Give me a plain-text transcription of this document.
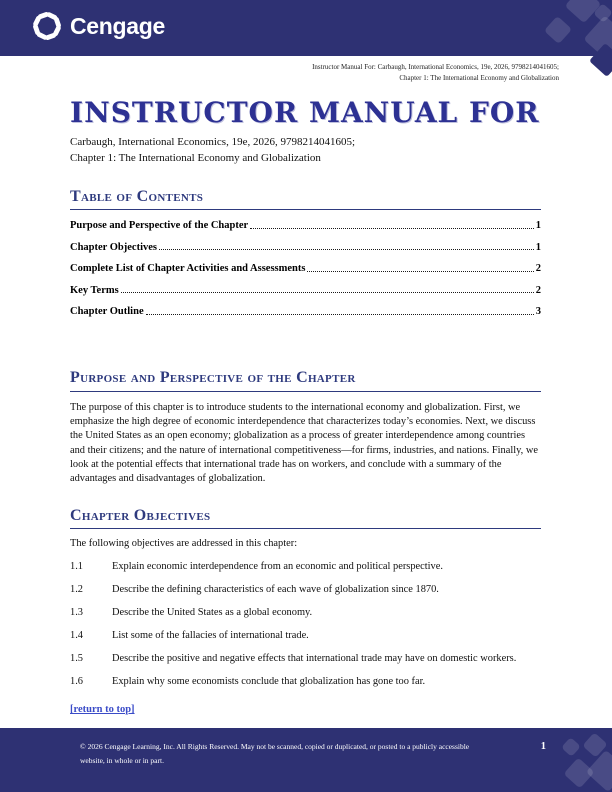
Cengage
Instructor Manual For: Carbaugh, International Economics, 19e, 2026, 9798214041605;
Chapter 1: The International Economy and Globalization
INSTRUCTOR MANUAL FOR
Carbaugh, International Economics, 19e, 2026, 9798214041605;
Chapter 1: The International Economy and Globalization
Table of Contents
Purpose and Perspective of the Chapter	1
Chapter Objectives	1
Complete List of Chapter Activities and Assessments	2
Key Terms	2
Chapter Outline	3
Purpose and Perspective of the Chapter
The purpose of this chapter is to introduce students to the international economy and globalization. First, we emphasize the high degree of economic interdependence that characterizes today’s economies. Next, we discuss the United States as an open economy; globalization as a process of greater interdependence among countries and their citizens; and the nature of international competitiveness—for firms, industries, and nations. Finally, we look at the potential effects that international trade has on workers, and conclude with a summary of the advantages and disadvantages of globalization.
Chapter Objectives
The following objectives are addressed in this chapter:
1.1	Explain economic interdependence from an economic and political perspective.
1.2	Describe the defining characteristics of each wave of globalization since 1870.
1.3	Describe the United States as a global economy.
1.4	List some of the fallacies of international trade.
1.5	Describe the positive and negative effects that international trade may have on domestic workers.
1.6	Explain why some economists conclude that globalization has gone too far.
[return to top]
© 2026 Cengage Learning, Inc. All Rights Reserved. May not be scanned, copied or duplicated, or posted to a publicly accessible website, in whole or in part.
1
